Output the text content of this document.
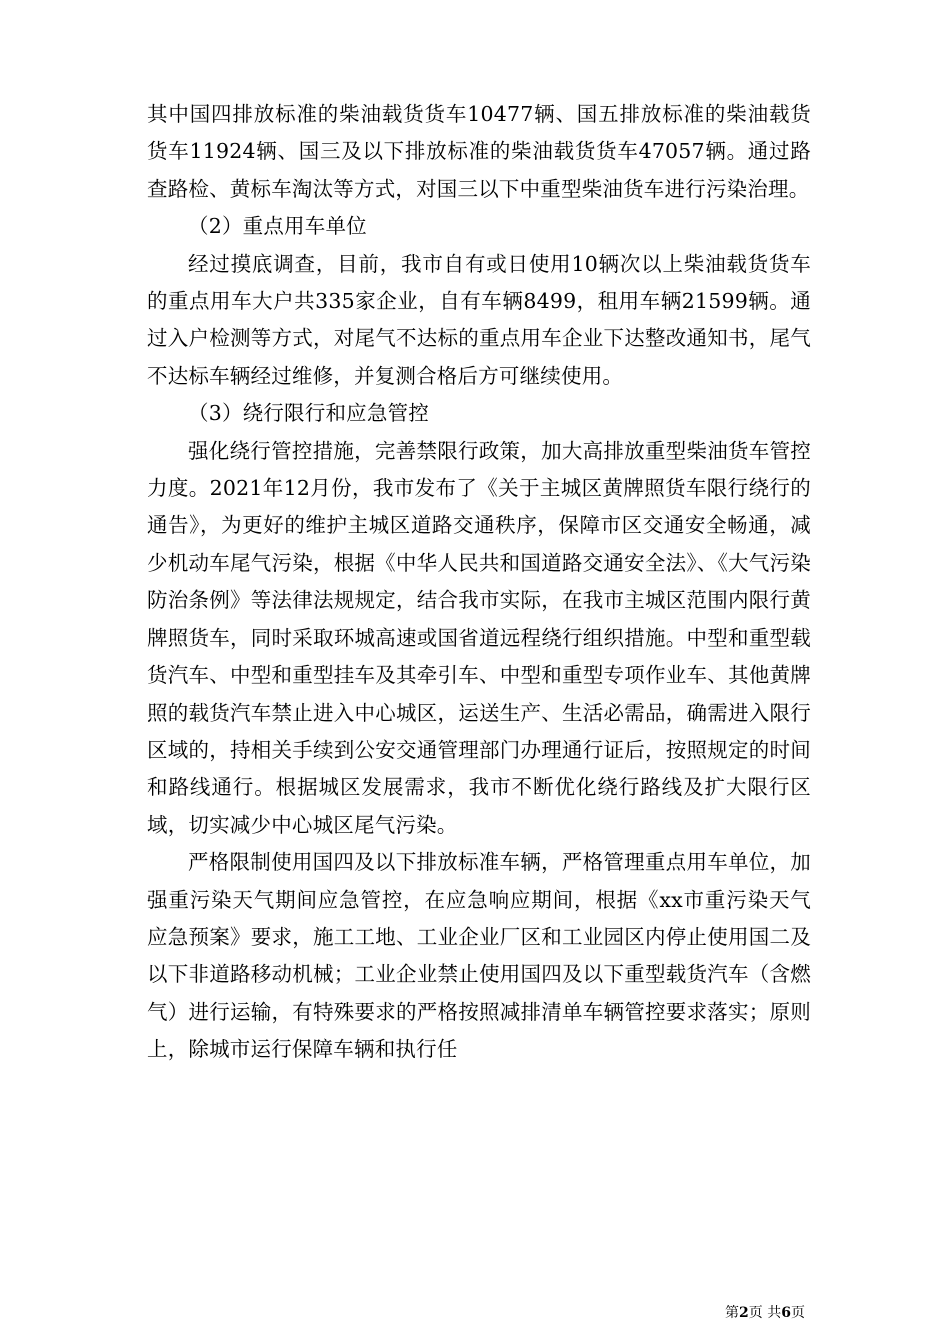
其中国四排放标准的柴油载货货车10477辆、国五排放标准的柴油载货货车11924辆、国三及以下排放标准的柴油载货货车47057辆。通过路查路检、黄标车淘汰等方式，对国三以下中重型柴油货车进行污染治理。

（2）重点用车单位

经过摸底调查，目前，我市自有或日使用10辆次以上柴油载货货车的重点用车大户共335家企业，自有车辆8499，租用车辆21599辆。通过入户检测等方式，对尾气不达标的重点用车企业下达整改通知书，尾气不达标车辆经过维修，并复测合格后方可继续使用。

（3）绕行限行和应急管控

强化绕行管控措施，完善禁限行政策，加大高排放重型柴油货车管控力度。2021年12月份，我市发布了《关于主城区黄牌照货车限行绕行的通告》，为更好的维护主城区道路交通秩序，保障市区交通安全畅通，减少机动车尾气污染，根据《中华人民共和国道路交通安全法》、《大气污染防治条例》等法律法规规定，结合我市实际，在我市主城区范围内限行黄牌照货车，同时采取环城高速或国省道远程绕行组织措施。中型和重型载货汽车、中型和重型挂车及其牵引车、中型和重型专项作业车、其他黄牌照的载货汽车禁止进入中心城区，运送生产、生活必需品，确需进入限行区域的，持相关手续到公安交通管理部门办理通行证后，按照规定的时间和路线通行。根据城区发展需求，我市不断优化绕行路线及扩大限行区域，切实减少中心城区尾气污染。

严格限制使用国四及以下排放标准车辆，严格管理重点用车单位，加强重污染天气期间应急管控，在应急响应期间，根据《xx市重污染天气应急预案》要求，施工工地、工业企业厂区和工业园区内停止使用国二及以下非道路移动机械；工业企业禁止使用国四及以下重型载货汽车（含燃气）进行运输，有特殊要求的严格按照减排清单车辆管控要求落实；原则上，除城市运行保障车辆和执行任

第2页 共6页
